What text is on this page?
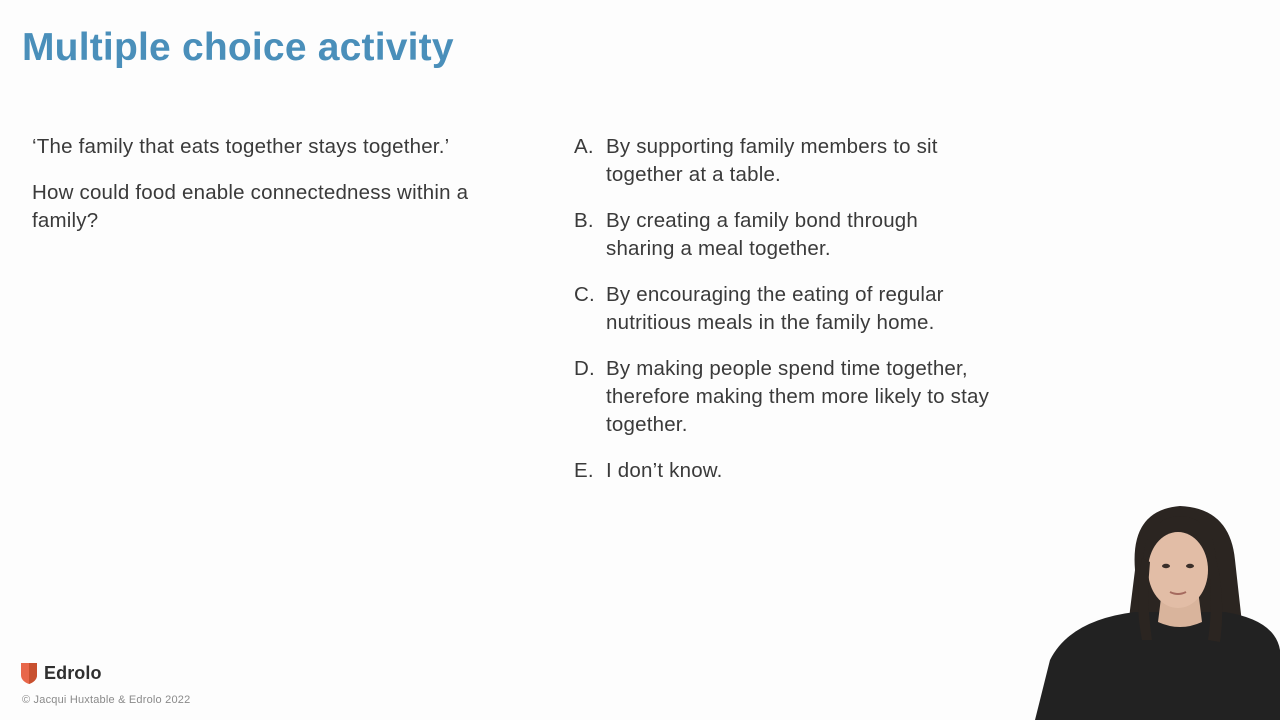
Multiple choice activity

‘The family that eats together stays together.’

How could food enable connectedness within a family?

A. By supporting family members to sit together at a table.
B. By creating a family bond through sharing a meal together.
C. By encouraging the eating of regular nutritious meals in the family home.
D. By making people spend time together, therefore making them more likely to stay together.
E. I don’t know.
Edrolo
© Jacqui Huxtable & Edrolo 2022
